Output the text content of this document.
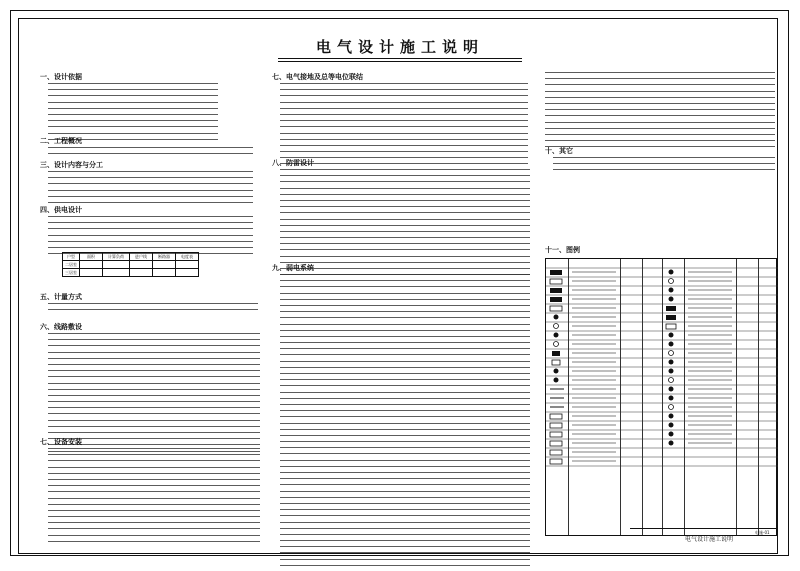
电气设计施工说明
一、设计依据
二、工程概况
三、设计内容与分工
四、供电设计
户型	面积	计算负荷	进户线	断路器	电度表
二居室					
三居室					
五、计量方式
六、线路敷设
七、设备安装
七、电气接地及总等电位联结
八、防雷设计
九、弱电系统
十、其它
十一、图例
电气设计施工说明
电施-01
